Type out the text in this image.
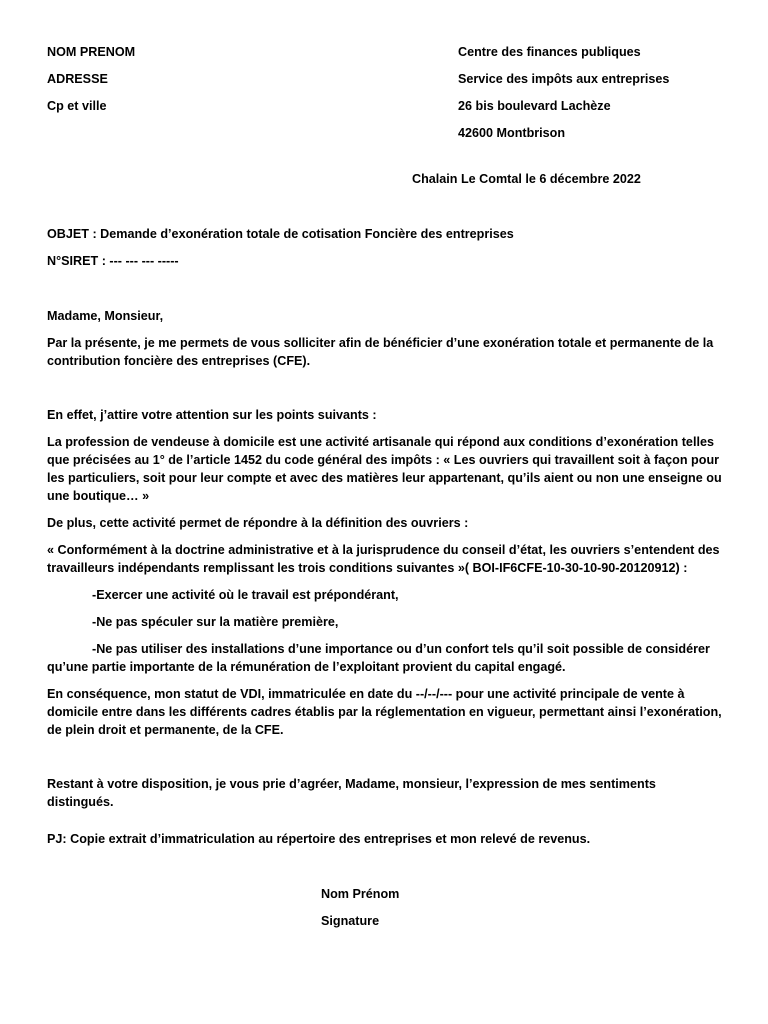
NOM PRENOM
ADRESSE
Cp et ville
Centre des finances publiques
Service des impôts aux entreprises
26 bis boulevard Lachèze
42600 Montbrison
Chalain Le Comtal le 6 décembre 2022
OBJET : Demande d’exonération totale de cotisation Foncière des entreprises
N°SIRET : --- --- --- -----
Madame, Monsieur,
Par la présente, je me permets de vous solliciter afin de bénéficier d’une exonération totale et permanente de la contribution foncière des entreprises (CFE).
En effet, j’attire votre attention sur les points suivants :
La profession de vendeuse à domicile est une activité artisanale qui répond aux conditions d’exonération telles que précisées au 1° de l’article 1452 du code général des impôts : « Les ouvriers qui travaillent soit à façon pour les particuliers, soit pour leur compte et avec des matières leur appartenant, qu’ils aient ou non une enseigne ou une boutique… »
De plus, cette activité permet de répondre à la définition des ouvriers :
« Conformément à la doctrine administrative et à la jurisprudence du conseil d’état, les ouvriers s’entendent des travailleurs indépendants remplissant les trois conditions suivantes »( BOI-IF6CFE-10-30-10-90-20120912) :
-Exercer une activité où le travail est prépondérant,
-Ne pas spéculer sur la matière première,
-Ne pas utiliser des installations d’une importance ou d’un confort tels qu’il soit possible de considérer qu’une partie importante de la rémunération de l’exploitant provient du capital engagé.
En conséquence, mon statut de VDI, immatriculée en date du --/--/--- pour une activité principale de vente à domicile entre dans les différents cadres établis par la réglementation en vigueur, permettant ainsi l’exonération, de plein droit et permanente, de la CFE.
Restant à votre disposition, je vous prie d’agréer, Madame, monsieur, l’expression de mes sentiments distingués.
PJ: Copie extrait d’immatriculation au répertoire des entreprises et mon relevé de revenus.
Nom Prénom
Signature
